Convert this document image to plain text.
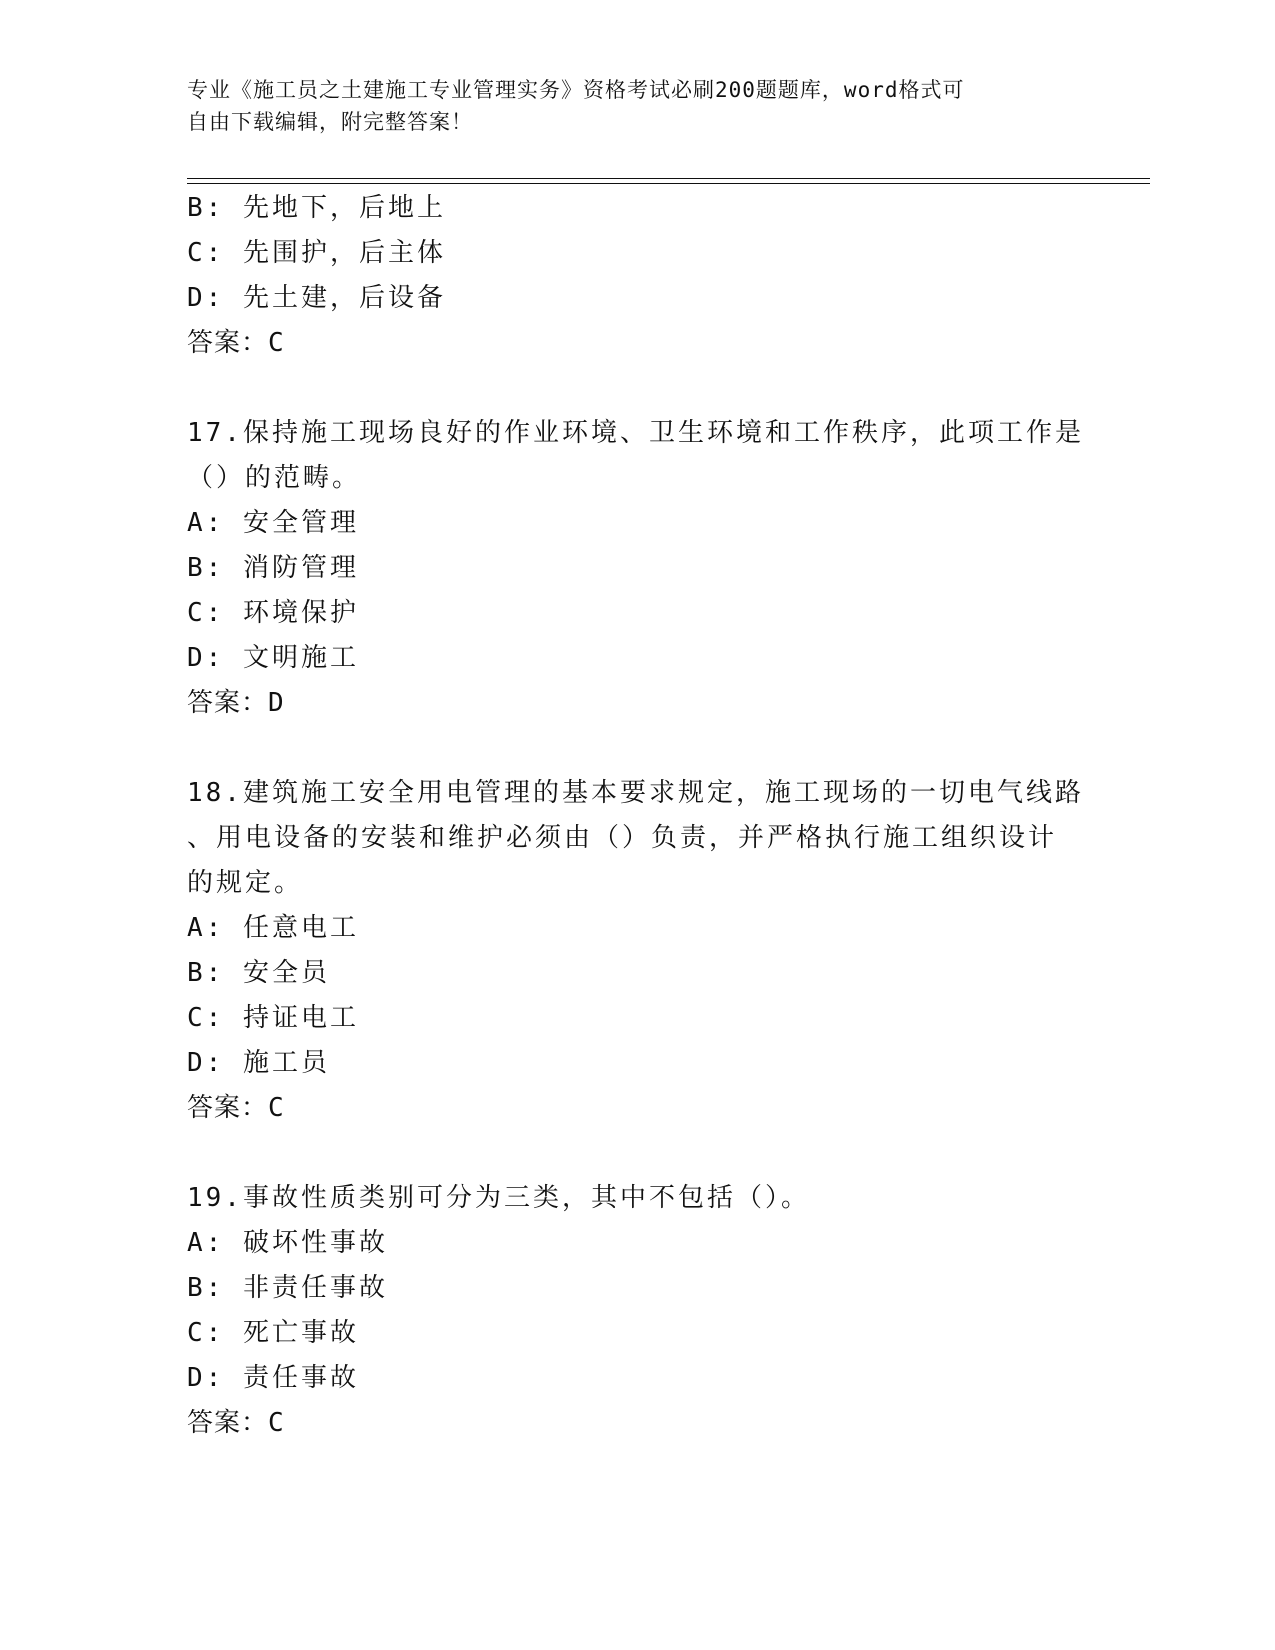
专业《施工员之土建施工专业管理实务》资格考试必刷200题题库，word格式可
自由下载编辑，附完整答案！
B: 先地下，后地上
C: 先围护，后主体
D: 先土建，后设备
答案：C
17.保持施工现场良好的作业环境、卫生环境和工作秩序，此项工作是
（）的范畴。
A: 安全管理
B: 消防管理
C: 环境保护
D: 文明施工
答案：D
18.建筑施工安全用电管理的基本要求规定，施工现场的一切电气线路
、用电设备的安装和维护必须由（）负责，并严格执行施工组织设计
的规定。
A: 任意电工
B: 安全员
C: 持证电工
D: 施工员
答案：C
19.事故性质类别可分为三类，其中不包括（）。
A: 破坏性事故
B: 非责任事故
C: 死亡事故
D: 责任事故
答案：C
